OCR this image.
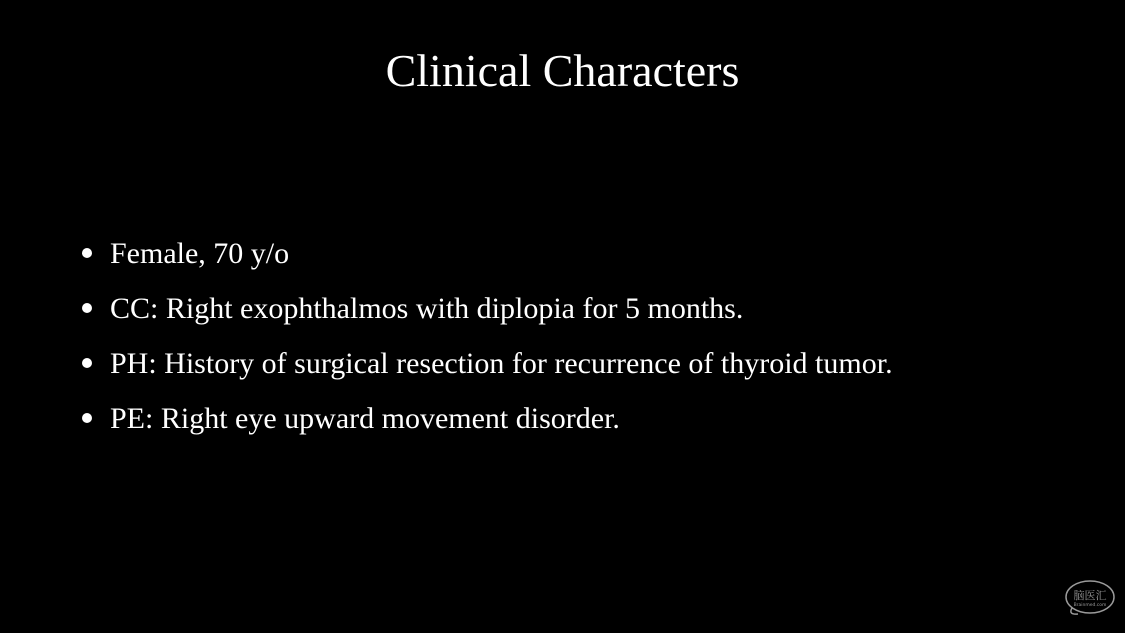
Clinical Characters
Female, 70 y/o
CC: Right exophthalmos with diplopia for 5 months.
PH: History of surgical resection for recurrence of thyroid tumor.
PE: Right eye upward movement disorder.
脑医汇
Brainmed.com
